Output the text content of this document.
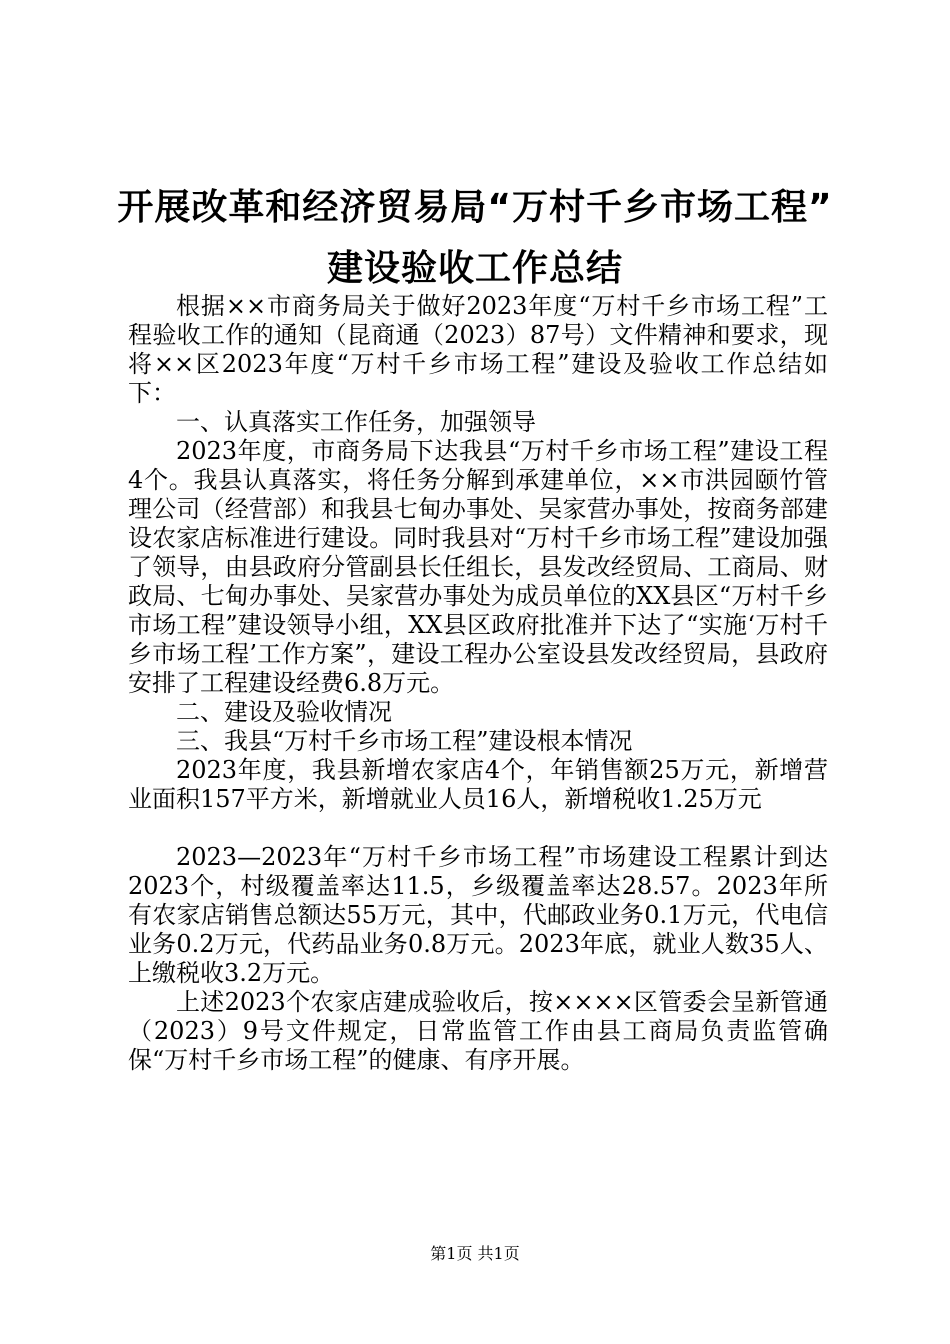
开展改革和经济贸易局“万村千乡市场工程”
建设验收工作总结

根据××市商务局关于做好2023年度“万村千乡市场工程”工程验收工作的通知（昆商通（2023）87号）文件精神和要求，现将××区2023年度“万村千乡市场工程”建设及验收工作总结如下：

一、认真落实工作任务，加强领导

2023年度，市商务局下达我县“万村千乡市场工程”建设工程4个。我县认真落实，将任务分解到承建单位，××市洪园颐竹管理公司（经营部）和我县七甸办事处、吴家营办事处，按商务部建设农家店标准进行建设。同时我县对“万村千乡市场工程”建设加强了领导，由县政府分管副县长任组长，县发改经贸局、工商局、财政局、七甸办事处、吴家营办事处为成员单位的XX县区“万村千乡市场工程”建设领导小组，XX县区政府批准并下达了“实施‘万村千乡市场工程’工作方案”，建设工程办公室设县发改经贸局，县政府安排了工程建设经费6.8万元。

二、建设及验收情况

三、我县“万村千乡市场工程”建设根本情况

2023年度，我县新增农家店4个，年销售额25万元，新增营业面积157平方米，新增就业人员16人，新增税收1.25万元

2023—2023年“万村千乡市场工程”市场建设工程累计到达2023个，村级覆盖率达11.5，乡级覆盖率达28.57。2023年所有农家店销售总额达55万元，其中，代邮政业务0.1万元，代电信业务0.2万元，代药品业务0.8万元。2023年底，就业人数35人、上缴税收3.2万元。

上述2023个农家店建成验收后，按××××区管委会呈新管通（2023）9号文件规定，日常监管工作由县工商局负责监管确保“万村千乡市场工程”的健康、有序开展。

第1页 共1页
